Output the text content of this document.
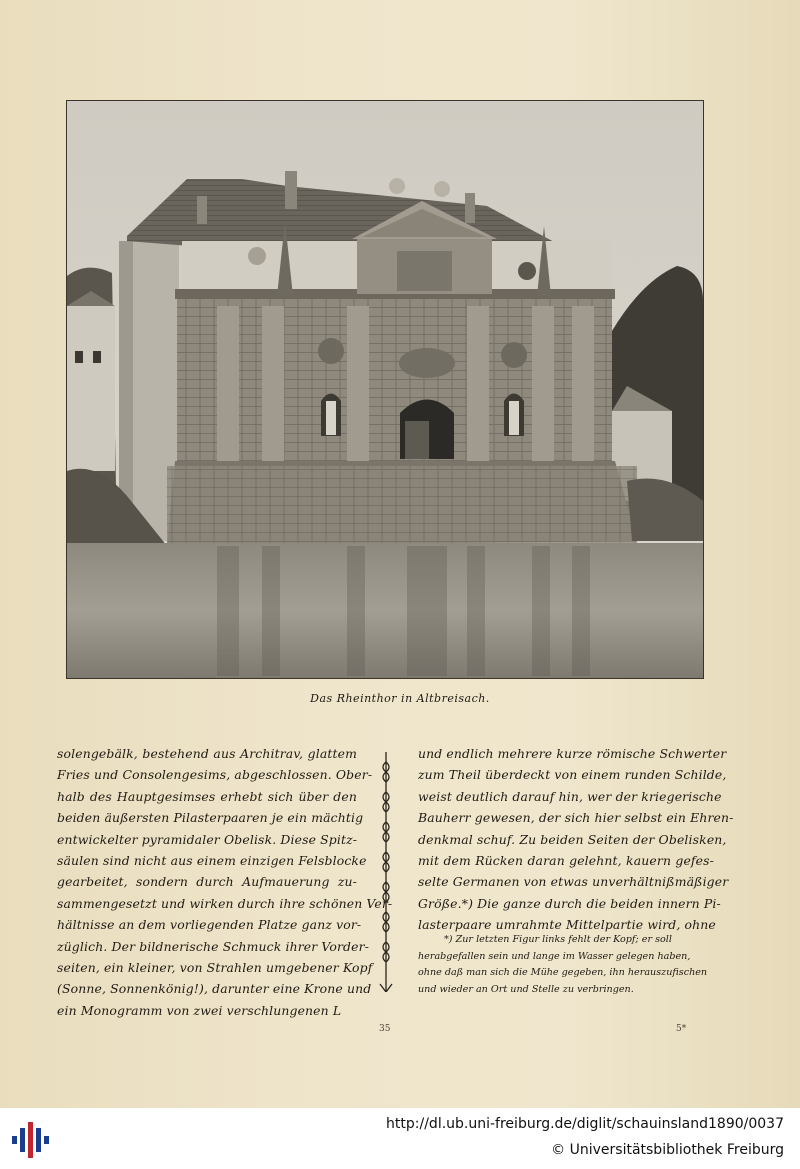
Das Rheinthor in Altbreisach.
solengebälk, bestehend aus Architrav, glattem
Fries und Consolengesims, abgeschlossen. Ober-
halb des Hauptgesimses erhebt sich über den
beiden äußersten Pilasterpaaren je ein mächtig
entwickelter pyramidaler Obelisk. Diese Spitz-
säulen sind nicht aus einem einzigen Felsblocke
gearbeitet, sondern durch Aufmauerung zu-
sammengesetzt und wirken durch ihre schönen Ver-
hältnisse an dem vorliegenden Platze ganz vor-
züglich. Der bildnerische Schmuck ihrer Vorder-
seiten, ein kleiner, von Strahlen umgebener Kopf
(Sonne, Sonnenkönig!), darunter eine Krone und
ein Monogramm von zwei verschlungenen L
und endlich mehrere kurze römische Schwerter
zum Theil überdeckt von einem runden Schilde,
weist deutlich darauf hin, wer der kriegerische
Bauherr gewesen, der sich hier selbst ein Ehren-
denkmal schuf. Zu beiden Seiten der Obelisken,
mit dem Rücken daran gelehnt, kauern gefes-
selte Germanen von etwas unverhältnißmäßiger
Größe.*) Die ganze durch die beiden innern Pi-
lasterpaare umrahmte Mittelpartie wird, ohne
*) Zur letzten Figur links fehlt der Kopf; er soll
herabgefallen sein und lange im Wasser gelegen haben,
ohne daß man sich die Mühe gegeben, ihn herauszufischen
und wieder an Ort und Stelle zu verbringen.
35	5*
http://dl.ub.uni-freiburg.de/diglit/schauinsland1890/0037
© Universitätsbibliothek Freiburg
